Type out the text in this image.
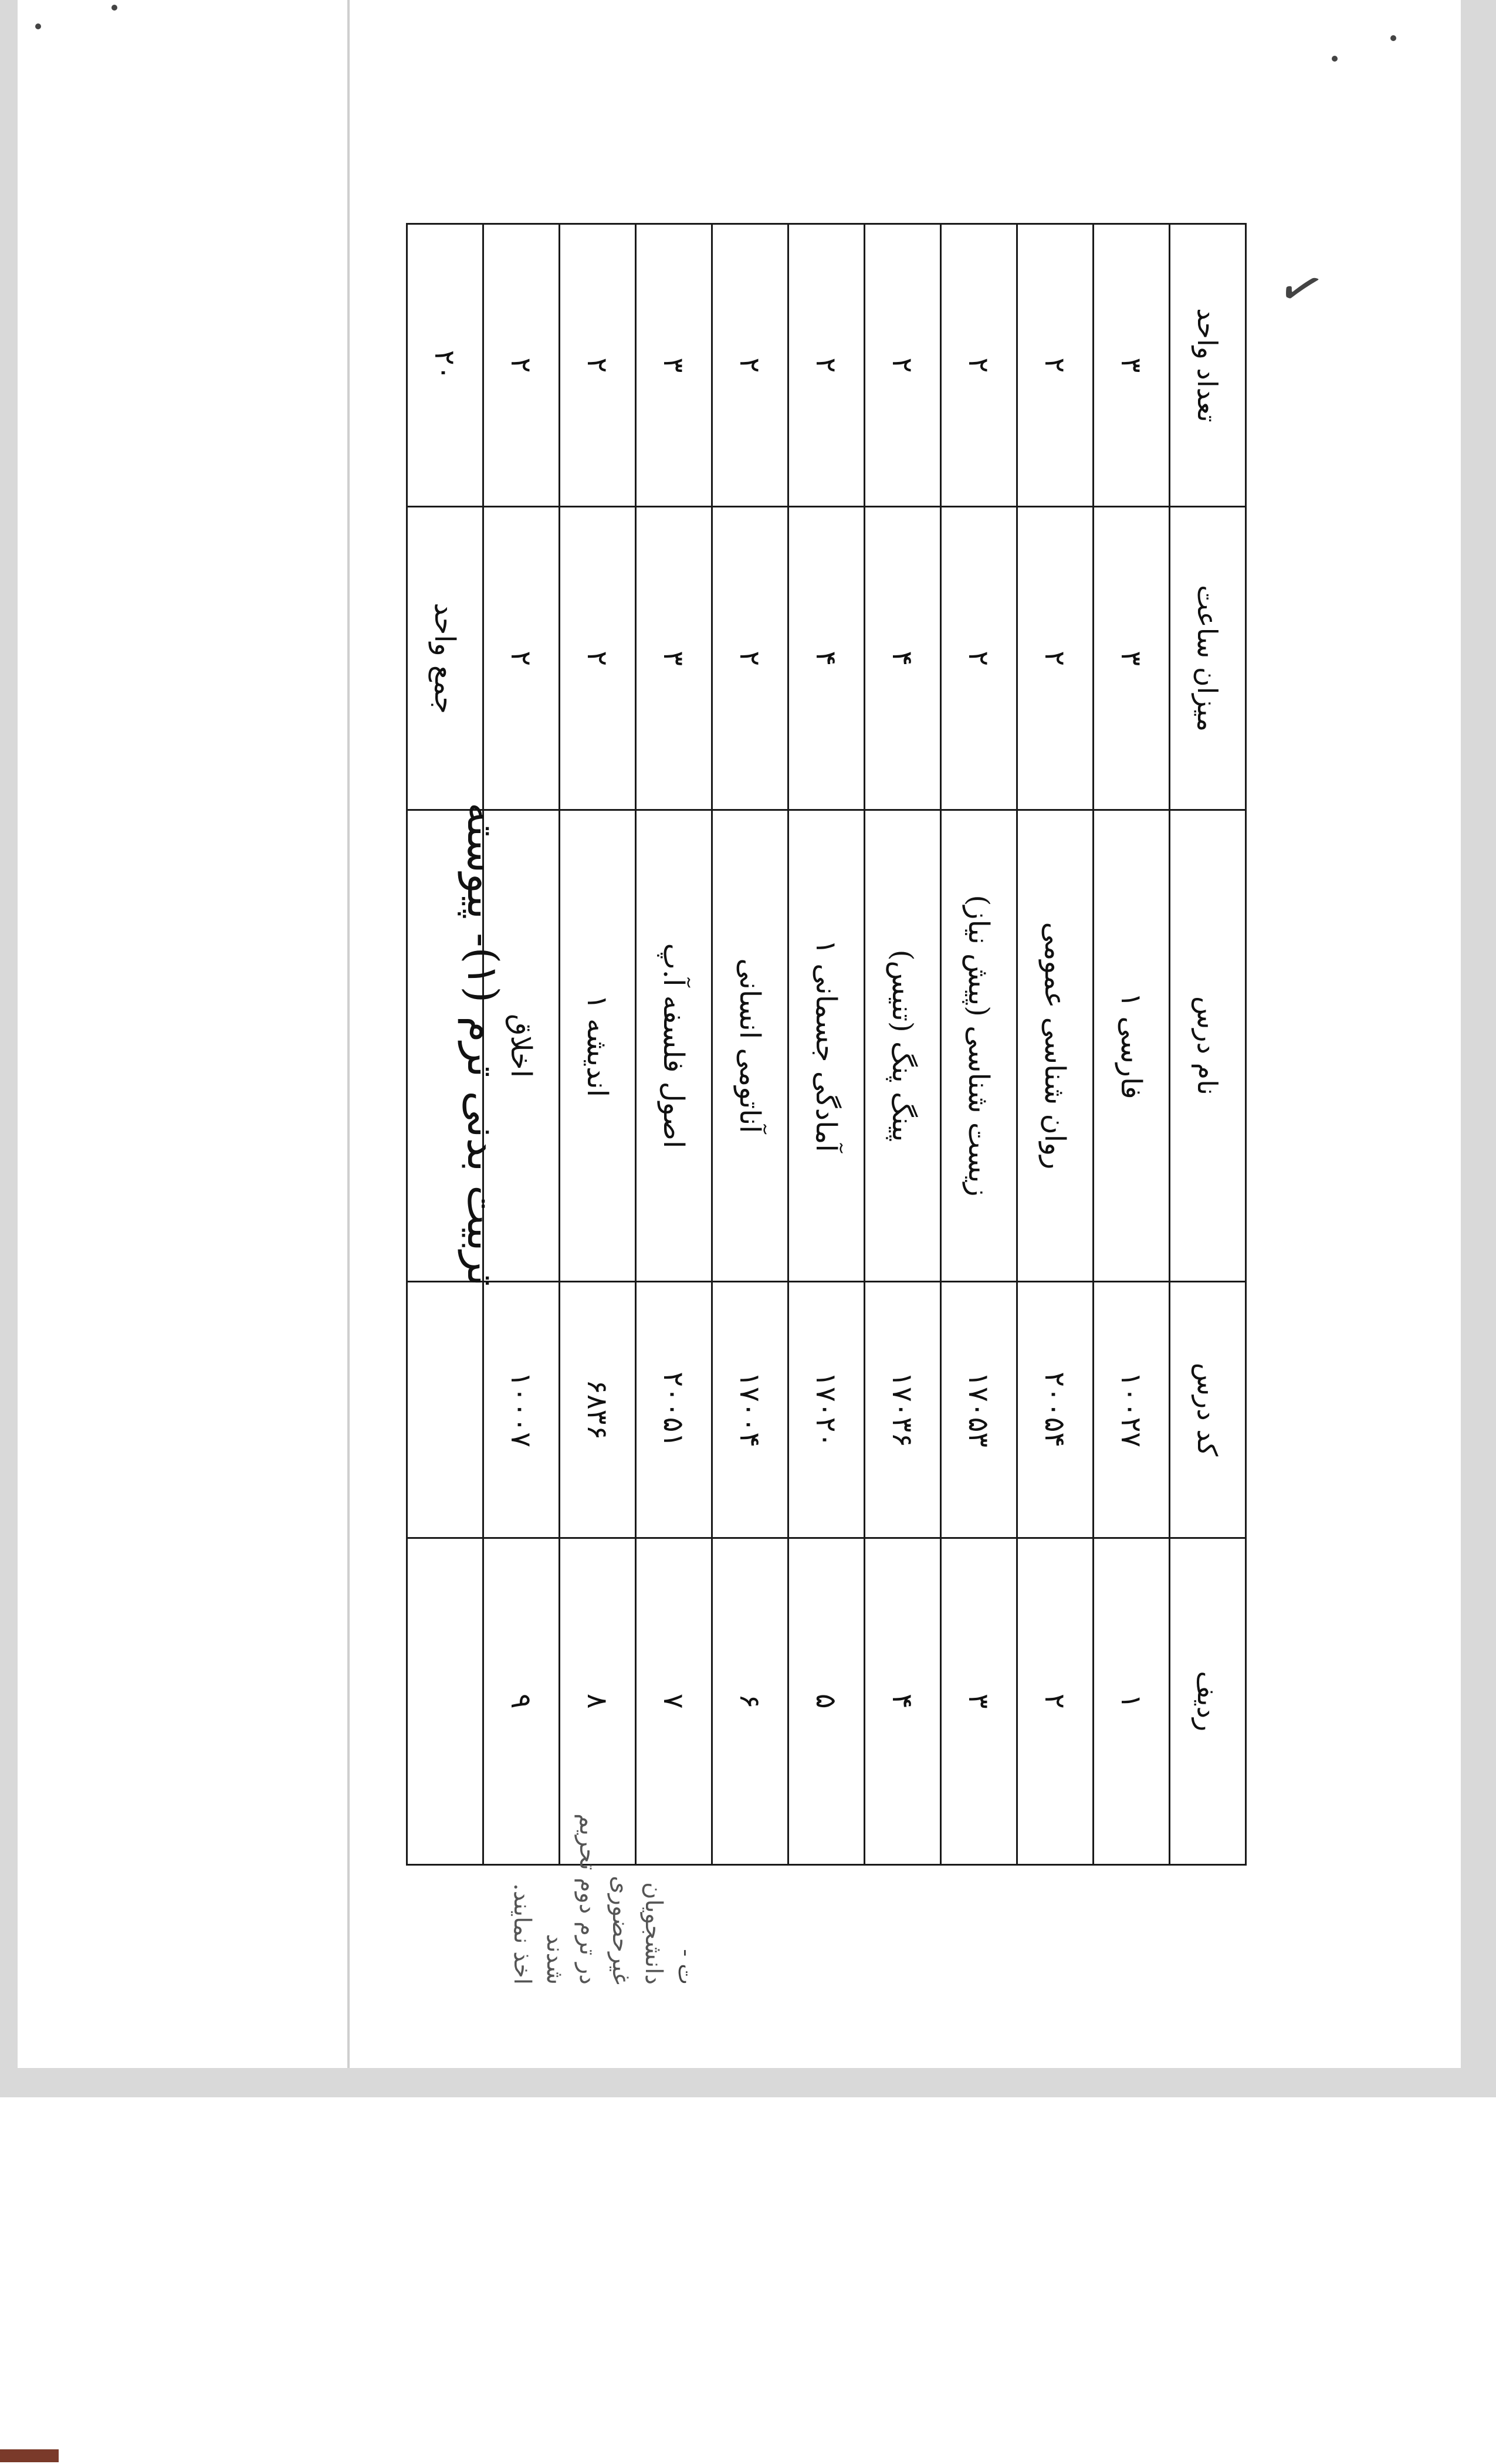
✓
ردیف	کد درس	نام درس	میزان ساعت	تعداد واحد
۱	۱۰۰۲۷	فارسی ۱	۳	۳
۲	۲۰۰۵۴	روان شناسی عمومی	۲	۲
۳	۱۷۰۵۳	زیست شناسی (پیش نیاز)	۲	۲
۴	۱۷۰۳۶	پینگ پنگ (تنیس)	۴	۲
۵	۱۷۰۲۰	آمادگی جسمانی ۱	۴	۲
۶	۱۷۰۰۴	آناتومی انسانی	۲	۲
۷	۲۰۰۵۱	اصول فلسفه آ.پ	۳	۳
۸	۶۸۳۶	اندیشه ۱	۲	۲
۹	۱۰۰۰۷	اخلاق	۲	۲
			جمع واحد	۲۰
تربیت بدنی ترم (۱)- پیوسته
ت -
دانشجویان غیرحضوری
در ترم دوم تحریم شدند
اخذ نمایند.
